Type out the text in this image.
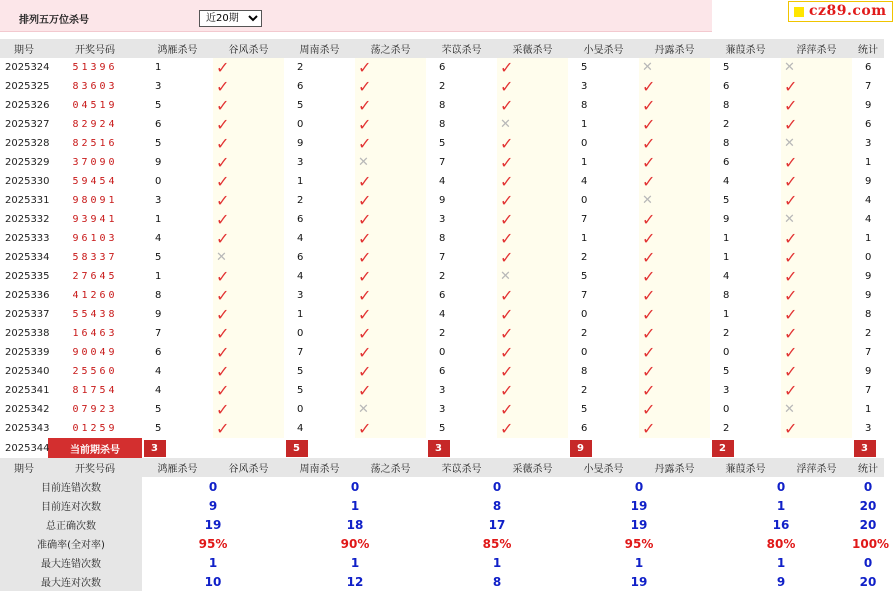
排列五万位杀号
近20期
cz89.com
期号	开奖号码	鸿雁杀号	谷风杀号	周南杀号	荡之杀号	芣苡杀号	采薇杀号	小旻杀号	丹露杀号	蒹葭杀号	浮萍杀号	统计	
2025324	51396	1	✓	2	✓	6	✓	5	✕	5	✕	6										
2025325	83603	3	✓	6	✓	2	✓	3	✓	6	✓	7										
2025326	04519	5	✓	5	✓	8	✓	8	✓	8	✓	9										
2025327	82924	6	✓	0	✓	8	✕	1	✓	2	✓	6										
2025328	82516	5	✓	9	✓	5	✓	0	✓	8	✕	3										
2025329	37090	9	✓	3	✕	7	✓	1	✓	6	✓	1										
2025330	59454	0	✓	1	✓	4	✓	4	✓	4	✓	9										
2025331	98091	3	✓	2	✓	9	✓	0	✕	5	✓	4										
2025332	93941	1	✓	6	✓	3	✓	7	✓	9	✕	4										
2025333	96103	4	✓	4	✓	8	✓	1	✓	1	✓	1										
2025334	58337	5	✕	6	✓	7	✓	2	✓	1	✓	0										
2025335	27645	1	✓	4	✓	2	✕	5	✓	4	✓	9										
2025336	41260	8	✓	3	✓	6	✓	7	✓	8	✓	9										
2025337	55438	9	✓	1	✓	4	✓	0	✓	1	✓	8										
2025338	16463	7	✓	0	✓	2	✓	2	✓	2	✓	2										
2025339	90049	6	✓	7	✓	0	✓	0	✓	0	✓	7										
2025340	25560	4	✓	5	✓	6	✓	8	✓	5	✓	9										
2025341	81754	4	✓	5	✓	3	✓	2	✓	3	✓	7										
2025342	07923	5	✓	0	✕	3	✓	5	✓	0	✕	1										
2025343	01259	5	✓	4	✓	5	✓	6	✓	2	✓	3										
2025344	当前期杀号	3		5		3		9		2		3					
期号	开奖号码	鸿雁杀号	谷风杀号	周南杀号	荡之杀号	芣苡杀号	采薇杀号	小旻杀号	丹露杀号	蒹葭杀号	浮萍杀号	统计	
目前连错次数		0		0		0		0		0		0					
目前连对次数		9		1		8		19		1		20					
总正确次数		19		18		17		19		16		20					
准确率(全对率)		95%		90%		85%		95%		80%		100%					
最大连错次数		1		1		1		1		1		0					
最大连对次数		10		12		8		19		9		20					
